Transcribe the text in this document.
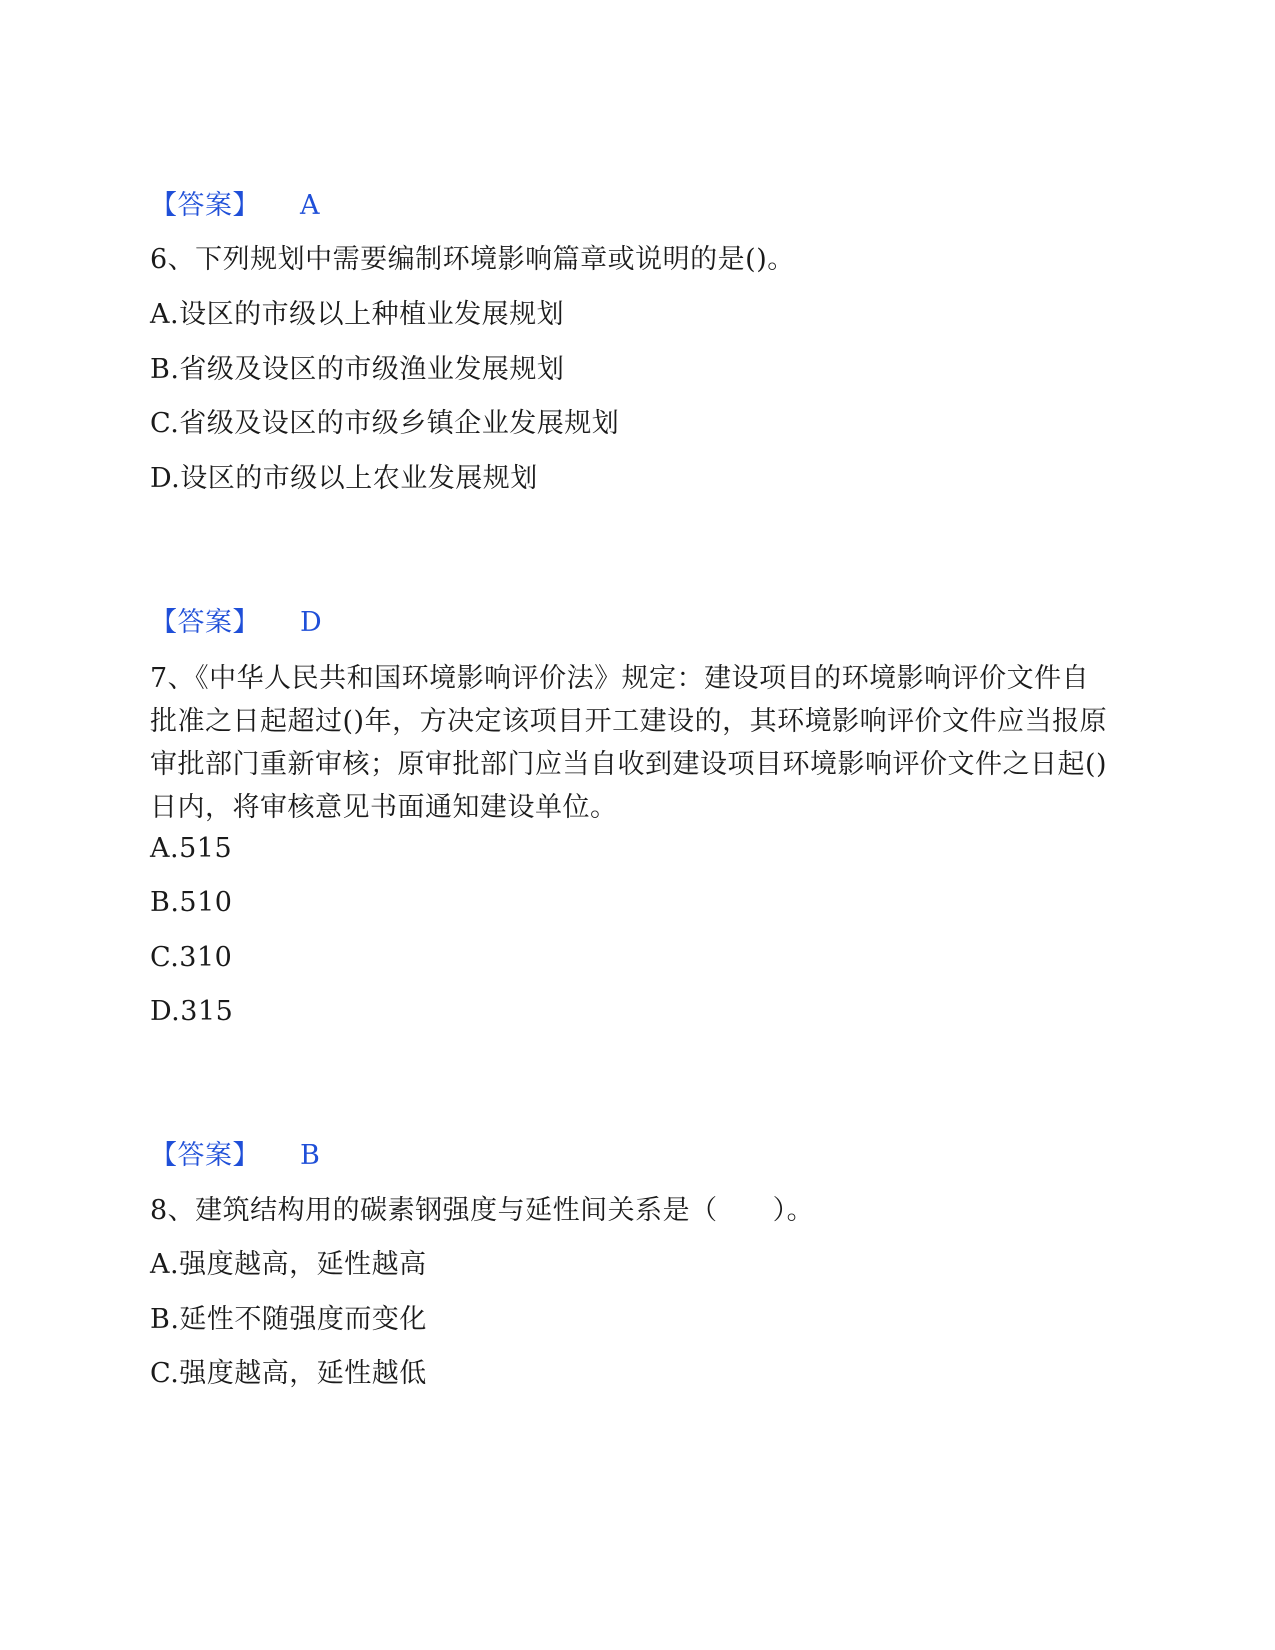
【答案】 A
6、下列规划中需要编制环境影响篇章或说明的是()。
A.设区的市级以上种植业发展规划
B.省级及设区的市级渔业发展规划
C.省级及设区的市级乡镇企业发展规划
D.设区的市级以上农业发展规划
【答案】 D
7、《中华人民共和国环境影响评价法》规定：建设项目的环境影响评价文件自批准之日起超过()年，方决定该项目开工建设的，其环境影响评价文件应当报原审批部门重新审核；原审批部门应当自收到建设项目环境影响评价文件之日起()日内，将审核意见书面通知建设单位。
A.515
B.510
C.310
D.315
【答案】 B
8、建筑结构用的碳素钢强度与延性间关系是（　　）。
A.强度越高，延性越高
B.延性不随强度而变化
C.强度越高，延性越低
